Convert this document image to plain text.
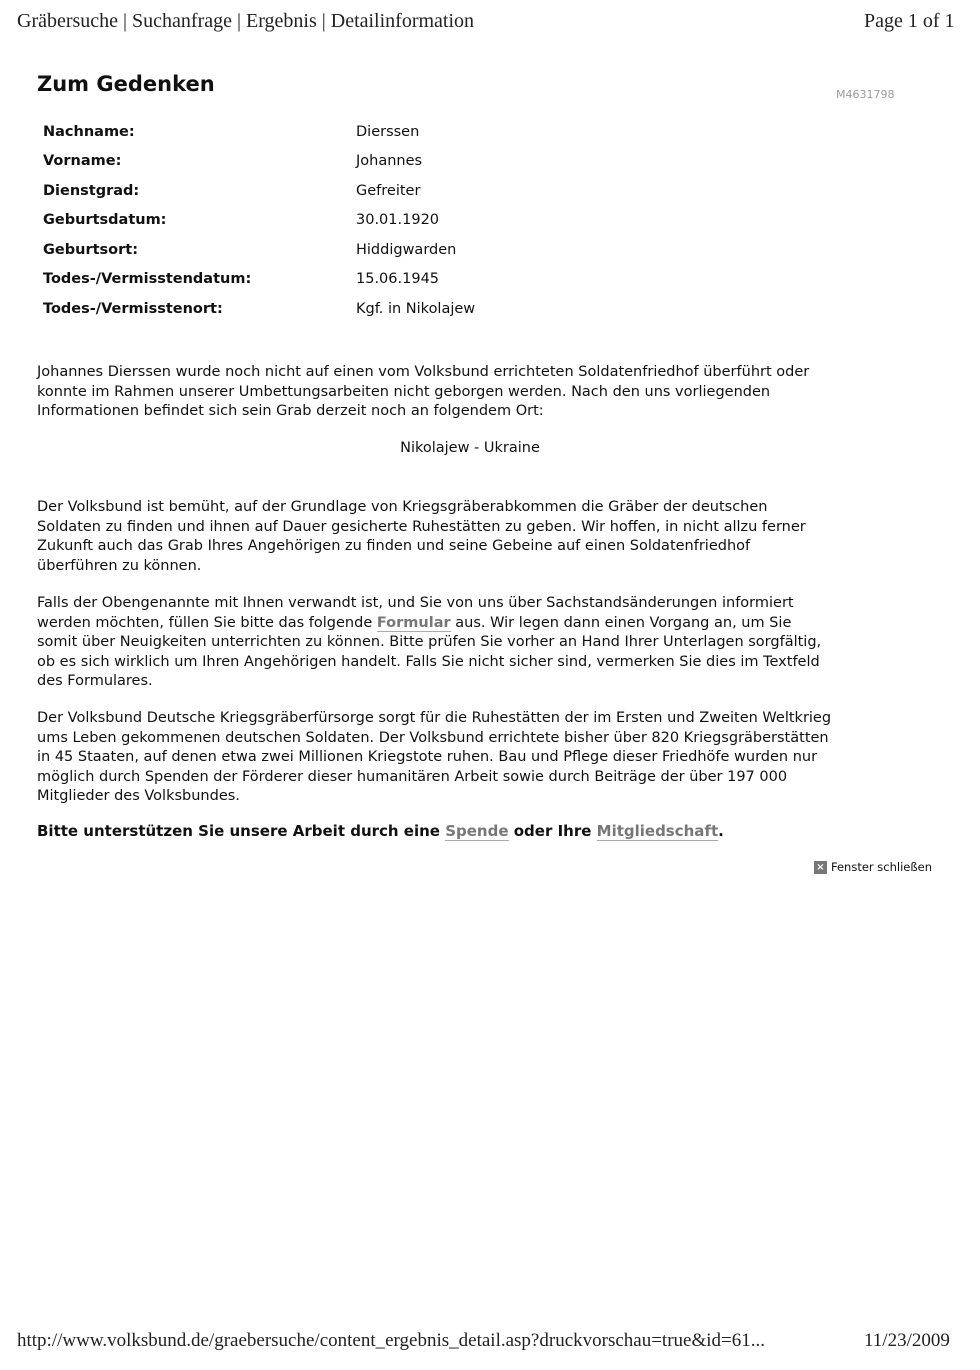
Gräbersuche | Suchanfrage | Ergebnis | Detailinformation	Page 1 of 1
Zum Gedenken	M4631798
Nachname:	Dierssen
Vorname:	Johannes
Dienstgrad:	Gefreiter
Geburtsdatum:	30.01.1920
Geburtsort:	Hiddigwarden
Todes-/Vermisstendatum:	15.06.1945
Todes-/Vermisstenort:	Kgf. in Nikolajew
Johannes Dierssen wurde noch nicht auf einen vom Volksbund errichteten Soldatenfriedhof überführt oder
konnte im Rahmen unserer Umbettungsarbeiten nicht geborgen werden. Nach den uns vorliegenden
Informationen befindet sich sein Grab derzeit noch an folgendem Ort:
Nikolajew - Ukraine
Der Volksbund ist bemüht, auf der Grundlage von Kriegsgräberabkommen die Gräber der deutschen
Soldaten zu finden und ihnen auf Dauer gesicherte Ruhestätten zu geben. Wir hoffen, in nicht allzu ferner
Zukunft auch das Grab Ihres Angehörigen zu finden und seine Gebeine auf einen Soldatenfriedhof
überführen zu können.
Falls der Obengenannte mit Ihnen verwandt ist, und Sie von uns über Sachstandsänderungen informiert
werden möchten, füllen Sie bitte das folgende Formular aus. Wir legen dann einen Vorgang an, um Sie
somit über Neuigkeiten unterrichten zu können. Bitte prüfen Sie vorher an Hand Ihrer Unterlagen sorgfältig,
ob es sich wirklich um Ihren Angehörigen handelt. Falls Sie nicht sicher sind, vermerken Sie dies im Textfeld
des Formulares.
Der Volksbund Deutsche Kriegsgräberfürsorge sorgt für die Ruhestätten der im Ersten und Zweiten Weltkrieg
ums Leben gekommenen deutschen Soldaten. Der Volksbund errichtete bisher über 820 Kriegsgräberstätten
in 45 Staaten, auf denen etwa zwei Millionen Kriegstote ruhen. Bau und Pflege dieser Friedhöfe wurden nur
möglich durch Spenden der Förderer dieser humanitären Arbeit sowie durch Beiträge der über 197 000
Mitglieder des Volksbundes.
Bitte unterstützen Sie unsere Arbeit durch eine Spende oder Ihre Mitgliedschaft.
× Fenster schließen
http://www.volksbund.de/graebersuche/content_ergebnis_detail.asp?druckvorschau=true&id=61...	11/23/2009
